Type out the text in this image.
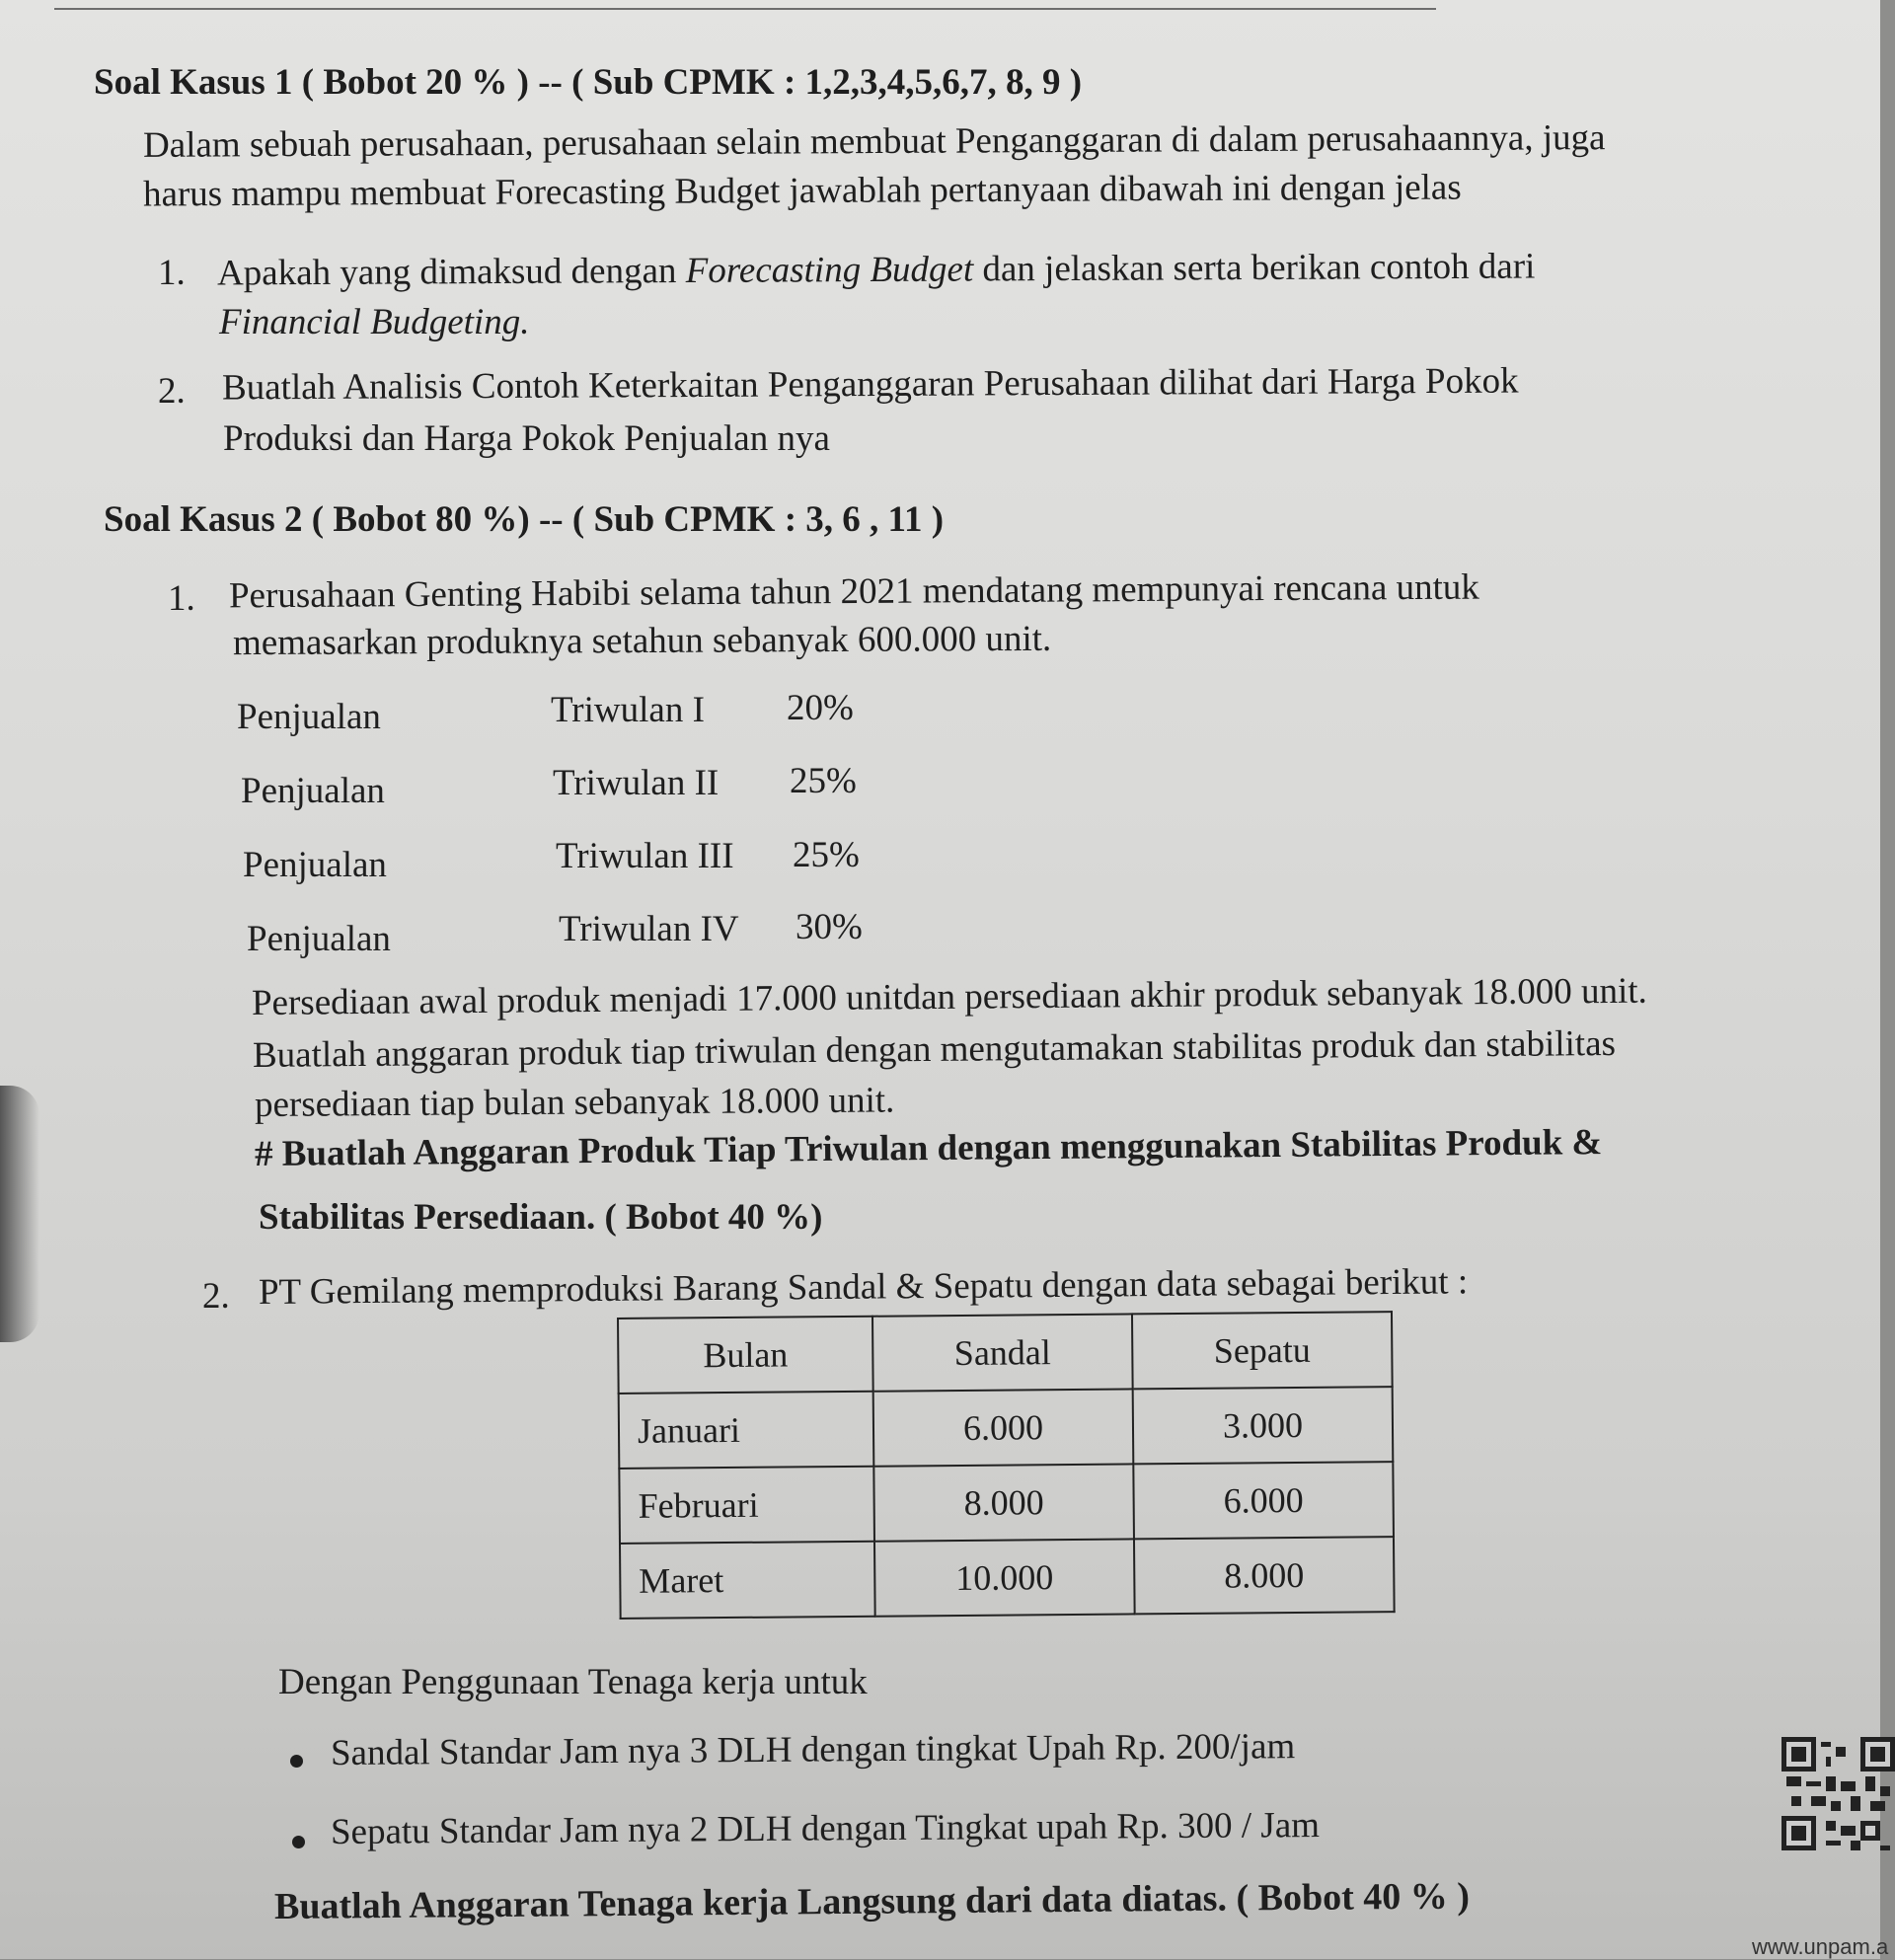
Soal Kasus 1 ( Bobot 20 % ) -- ( Sub CPMK : 1,2,3,4,5,6,7, 8, 9 )
Dalam sebuah perusahaan, perusahaan selain membuat Penganggaran di dalam perusahaannya, juga
harus mampu membuat Forecasting Budget jawablah pertanyaan dibawah ini dengan jelas
1. Apakah yang dimaksud dengan Forecasting Budget dan jelaskan serta berikan contoh dari
Financial Budgeting.
2. Buatlah Analisis Contoh Keterkaitan Penganggaran Perusahaan dilihat dari Harga Pokok
Produksi dan Harga Pokok Penjualan nya
Soal Kasus 2 ( Bobot 80 %) -- ( Sub CPMK : 3, 6 , 11 )
1. Perusahaan Genting Habibi selama tahun 2021 mendatang mempunyai rencana untuk
memasarkan produknya setahun sebanyak 600.000 unit.
Penjualan	Triwulan I 20%
Penjualan	Triwulan II 25%
Penjualan	Triwulan III 25%
Penjualan	Triwulan IV 30%
Persediaan awal produk menjadi 17.000 unitdan persediaan akhir produk sebanyak 18.000 unit.
Buatlah anggaran produk tiap triwulan dengan mengutamakan stabilitas produk dan stabilitas
persediaan tiap bulan sebanyak 18.000 unit.
# Buatlah Anggaran Produk Tiap Triwulan dengan menggunakan Stabilitas Produk &
Stabilitas Persediaan. ( Bobot 40 %)
2. PT Gemilang memproduksi Barang Sandal & Sepatu dengan data sebagai berikut :
Bulan	Sandal	Sepatu
Januari	6.000	3.000
Februari	8.000	6.000
Maret	10.000	8.000
Dengan Penggunaan Tenaga kerja untuk
Sandal Standar Jam nya 3 DLH dengan tingkat Upah Rp. 200/jam
Sepatu Standar Jam nya 2 DLH dengan Tingkat upah Rp. 300 / Jam
Buatlah Anggaran Tenaga kerja Langsung dari data diatas. ( Bobot 40 % )
www.unpam.a
